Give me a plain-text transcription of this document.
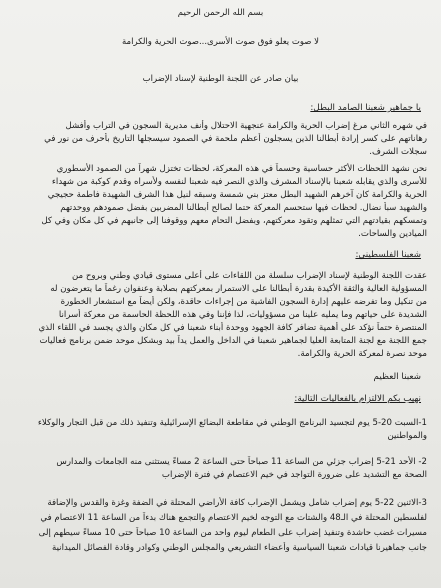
بسم الله الرحمن الرحيم

لا صوت يعلو فوق صوت الأسرى...صوت الحرية والكرامة

بيان صادر عن اللجنة الوطنية لإسناد الإضراب

يا جماهير شعبنا الصامد البطل:

في شهره الثاني مرغ إضراب الحرية والكرامة عنجهية الاحتلال وأنف مديرية السجون في التراب وأفشل

رهاناتهم على كسر إرادة أبطالنا الذين يسجلون أعظم ملحمة في الصمود سيسجلها التاريخ بأحرف من نور في

سجلات الشرف.

نحن نشهد اللحظات الأكثر حساسية وحسماً في هذه المعركة، لحظات تختزل شهراً من الصمود الأسطوري

للأسرى والذي يقابله شعبنا بالإسناد المشرف والذي النصر فيه شعبنا لنفسه ولأسراه وقدم كوكبة من شهداء

الحرية والكرامة كان آخرهم الشهيد البطل معتز بني شمسة وسبقه لنيل هذا الشرف الشهيدة فاطمة حجيجي

والشهيد سبأ نضال. لحظات فيها ستحسم المعركة حتما لصالح أبطالنا المضربين بفضل صمودهم ووحدتهم

وتمسكهم بقيادتهم التي تمثلهم وتقود معركتهم، وبفضل التحام معهم ووقوفنا إلى جانبهم في كل مكان وفي كل

الميادين والساحات.

شعبنا الفلسطيني:

عقدت اللجنة الوطنية لإسناد الإضراب سلسلة من اللقاءات على أعلى مستوى قيادي وطني وبروح من

المسؤولية العالية والثقة الأكيدة بقدرة أبطالنا على الاستمرار بمعركتهم بصلابة وعنفوان رغماً ما يتعرضون له

من تنكيل وما تفرضه عليهم إدارة السجون الفاشية من إجراءات حاقدة، ولكن أيضاً مع استشعار الخطورة

الشديدة على حياتهم وما يمليه علينا من مسؤوليات، لذا فإننا وفي هذه اللحظة الحاسمة من معركة أسرانا

المنتصرة حتماً نؤكد على أهمية تضافر كافة الجهود ووحدة أبناء شعبنا في كل مكان والذي يجسد في اللقاء الذي

جمع اللجنة مع لجنة المتابعة العليا لجماهير شعبنا في الداخل والعمل يداً بيد وبشكل موحد ضمن برنامج فعاليات

موحد نصرة لمعركة الحرية والكرامة.

شعبنا العظيم

نهيب بكم الالتزام بالفعاليات التالية:

1-السبت 20-5 يوم لتجسيد البرنامج الوطني في مقاطعة البضائع الإسرائيلية وتنفيذ ذلك من قبل التجار والوكلاء

والمواطنين

2- الأحد 21-5 إضراب جزئي من الساعة 11 صباحاً حتى الساعة 2 مساءً يستثنى منه الجامعات والمدارس

الصحة مع التشديد على ضرورة التواجد في خيم الاعتصام في فترة الإضراب

3-الاثنين 22-5 يوم إضراب شامل ويشمل الإضراب كافة الأراضي المحتلة في الضفة وغزة والقدس والإضافة

لفلسطين المحتلة في الـ48 والشتات مع التوجه لخيم الاعتصام والتجمع هناك بدءاً من الساعة 11 الاعتصام في

مسيرات غضب حاشدة وتنفيذ إضراب على الطعام ليوم واحد من الساعة 10 صباحاً حتى 10 مساءً سيطهم إلى

جانب جماهيرنا قيادات شعبنا السياسية وأعضاء التشريعي والمجلس الوطني وكوادر وقادة الفصائل الميدانية
